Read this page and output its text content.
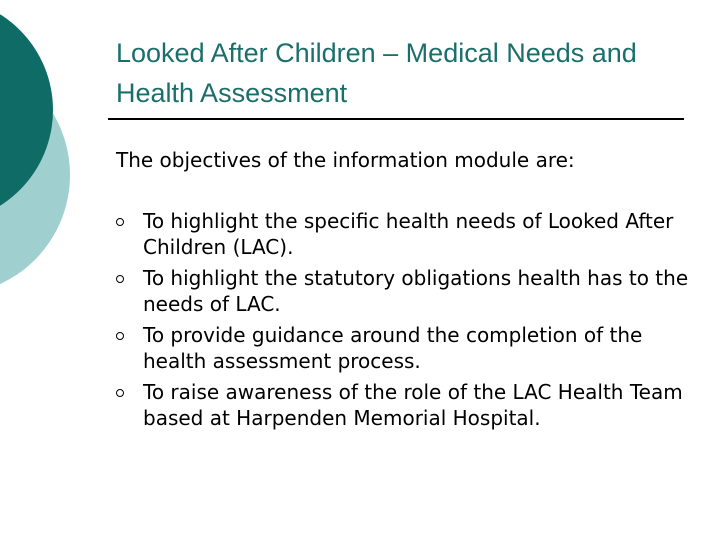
Looked After Children – Medical Needs and Health Assessment
The objectives of the information module are:
To highlight the specific health needs of Looked After Children (LAC).
To highlight the statutory obligations health has to the needs of LAC.
To provide guidance around the completion of the health assessment process.
To raise awareness of the role of the LAC Health Team based at Harpenden Memorial Hospital.
